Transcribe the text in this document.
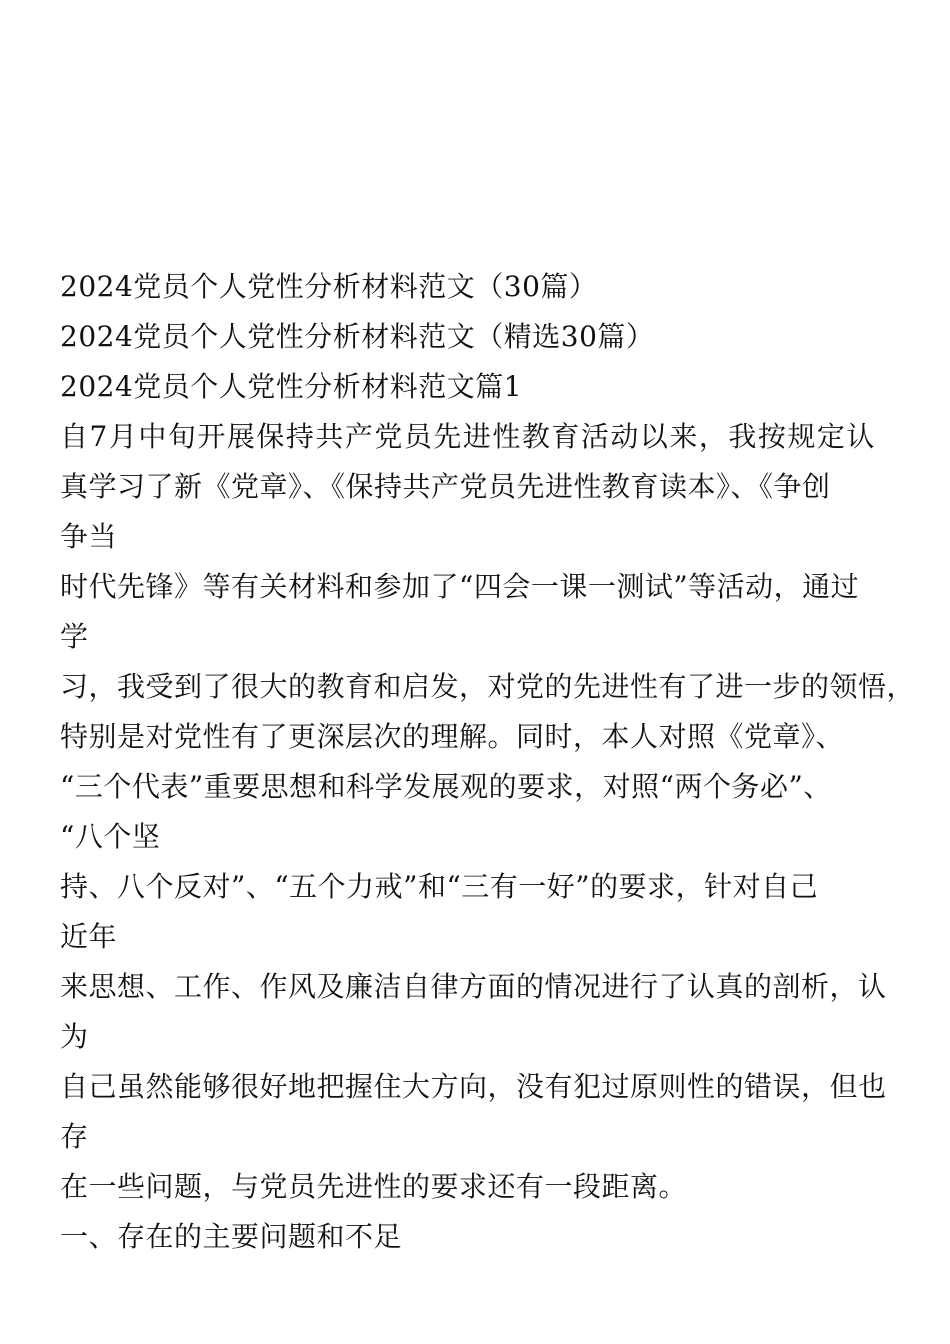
2024党员个人党性分析材料范文（30篇）

2024党员个人党性分析材料范文（精选30篇）

2024党员个人党性分析材料范文篇1

自7月中旬开展保持共产党员先进性教育活动以来，我按规定认

真学习了新《党章》、《保持共产党员先进性教育读本》、《争创

争当

时代先锋》等有关材料和参加了“四会一课一测试”等活动，通过

学

习，我受到了很大的教育和启发，对党的先进性有了进一步的领悟，

特别是对党性有了更深层次的理解。同时，本人对照《党章》、

“三个代表”重要思想和科学发展观的要求，对照“两个务必”、

“八个坚

持、八个反对”、“五个力戒”和“三有一好”的要求，针对自己

近年

来思想、工作、作风及廉洁自律方面的情况进行了认真的剖析，认

为

自己虽然能够很好地把握住大方向，没有犯过原则性的错误，但也

存

在一些问题，与党员先进性的要求还有一段距离。

一、存在的主要问题和不足
